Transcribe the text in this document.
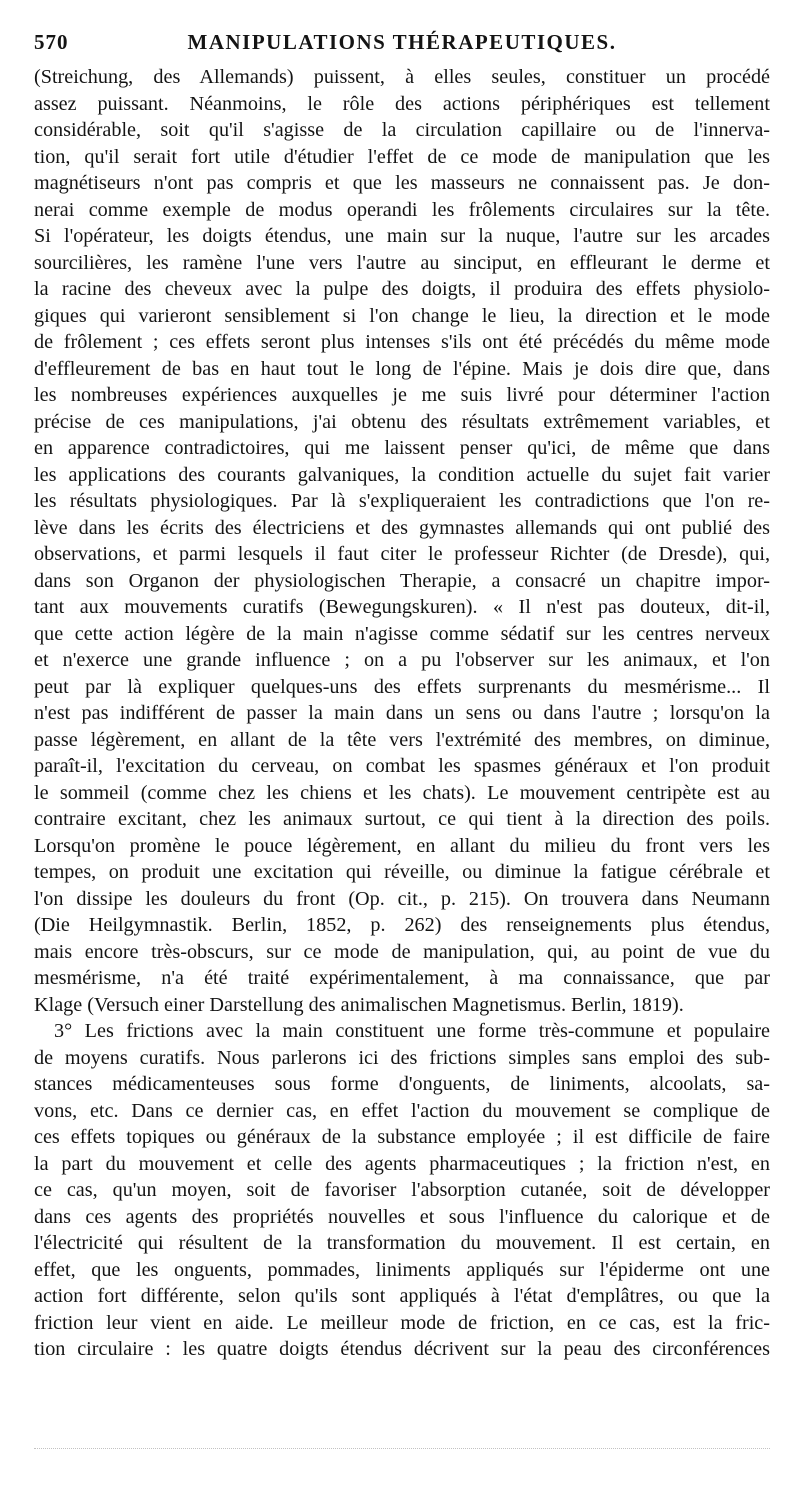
570	MANIPULATIONS THÉRAPEUTIQUES.
(Streichung, des Allemands) puissent, à elles seules, constituer un procédé
assez puissant. Néanmoins, le rôle des actions périphériques est tellement
considérable, soit qu'il s'agisse de la circulation capillaire ou de l'innerva-
tion, qu'il serait fort utile d'étudier l'effet de ce mode de manipulation que les
magnétiseurs n'ont pas compris et que les masseurs ne connaissent pas. Je don-
nerai comme exemple de modus operandi les frôlements circulaires sur la tête.
Si l'opérateur, les doigts étendus, une main sur la nuque, l'autre sur les arcades
sourcilières, les ramène l'une vers l'autre au sinciput, en effleurant le derme et
la racine des cheveux avec la pulpe des doigts, il produira des effets physiolo-
giques qui varieront sensiblement si l'on change le lieu, la direction et le mode
de frôlement ; ces effets seront plus intenses s'ils ont été précédés du même mode
d'effleurement de bas en haut tout le long de l'épine. Mais je dois dire que, dans
les nombreuses expériences auxquelles je me suis livré pour déterminer l'action
précise de ces manipulations, j'ai obtenu des résultats extrêmement variables, et
en apparence contradictoires, qui me laissent penser qu'ici, de même que dans
les applications des courants galvaniques, la condition actuelle du sujet fait varier
les résultats physiologiques. Par là s'expliqueraient les contradictions que l'on re-
lève dans les écrits des électriciens et des gymnastes allemands qui ont publié des
observations, et parmi lesquels il faut citer le professeur Richter (de Dresde), qui,
dans son Organon der physiologischen Therapie, a consacré un chapitre impor-
tant aux mouvements curatifs (Bewegungskuren). « Il n'est pas douteux, dit-il,
que cette action légère de la main n'agisse comme sédatif sur les centres nerveux
et n'exerce une grande influence ; on a pu l'observer sur les animaux, et l'on
peut par là expliquer quelques-uns des effets surprenants du mesmérisme... Il
n'est pas indifférent de passer la main dans un sens ou dans l'autre ; lorsqu'on la
passe légèrement, en allant de la tête vers l'extrémité des membres, on diminue,
paraît-il, l'excitation du cerveau, on combat les spasmes généraux et l'on produit
le sommeil (comme chez les chiens et les chats). Le mouvement centripète est au
contraire excitant, chez les animaux surtout, ce qui tient à la direction des poils.
Lorsqu'on promène le pouce légèrement, en allant du milieu du front vers les
tempes, on produit une excitation qui réveille, ou diminue la fatigue cérébrale et
l'on dissipe les douleurs du front (Op. cit., p. 215). On trouvera dans Neumann
(Die Heilgymnastik. Berlin, 1852, p. 262) des renseignements plus étendus,
mais encore très-obscurs, sur ce mode de manipulation, qui, au point de vue du
mesmérisme, n'a été traité expérimentalement, à ma connaissance, que par
Klage (Versuch einer Darstellung des animalischen Magnetismus. Berlin, 1819).
3° Les frictions avec la main constituent une forme très-commune et populaire
de moyens curatifs. Nous parlerons ici des frictions simples sans emploi des sub-
stances médicamenteuses sous forme d'onguents, de liniments, alcoolats, sa-
vons, etc. Dans ce dernier cas, en effet l'action du mouvement se complique de
ces effets topiques ou généraux de la substance employée ; il est difficile de faire
la part du mouvement et celle des agents pharmaceutiques ; la friction n'est, en
ce cas, qu'un moyen, soit de favoriser l'absorption cutanée, soit de développer
dans ces agents des propriétés nouvelles et sous l'influence du calorique et de
l'électricité qui résultent de la transformation du mouvement. Il est certain, en
effet, que les onguents, pommades, liniments appliqués sur l'épiderme ont une
action fort différente, selon qu'ils sont appliqués à l'état d'emplâtres, ou que la
friction leur vient en aide. Le meilleur mode de friction, en ce cas, est la fric-
tion circulaire : les quatre doigts étendus décrivent sur la peau des circonférences
